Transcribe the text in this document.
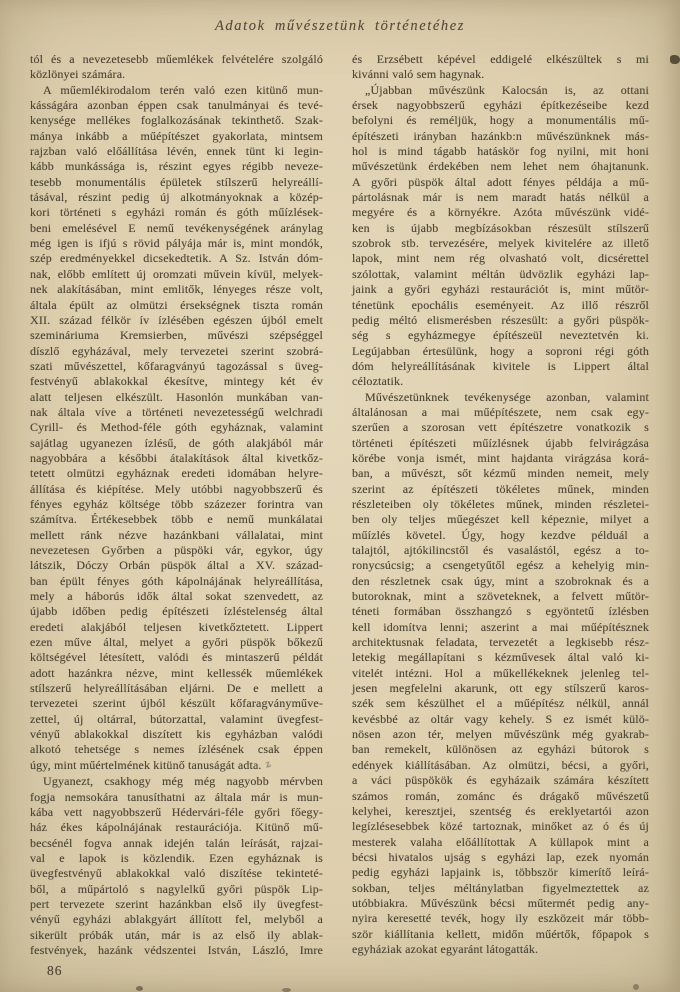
Adatok művészetünk történetéhez
tól és a nevezetesebb műemlékek felvételére szolgáló
közlönyei számára.
A műemlékirodalom terén való ezen kitünő mun-
kásságára azonban éppen csak tanulmányai és tevé-
kenysége mellékes foglalkozásának tekinthető. Szak-
mánya inkább a műépítészet gyakorlata, mintsem
rajzban való előállítása lévén, ennek tünt ki legin-
kább munkássága is, részint egyes régibb neveze-
tesebb monumentális épületek stílszerű helyreállí-
tásával, részint pedig új alkotmányoknak a közép-
kori történeti s egyházi román és góth műízlések-
beni emelésével E nemű tevékenységének aránylag
még igen is ifjú s rövid pályája már is, mint mondók,
szép eredményekkel dicsekedtetik. A Sz. István dóm-
nak, előbb említett új oromzati művein kívül, melyek-
nek alakításában, mint emlitők, lényeges része volt,
általa épült az olmützi érsekségnek tiszta román
XII. század félkör ív ízlésében egészen újból emelt
szemináriuma Kremsierben, művészi szépséggel
díszlő egyházával, mely tervezetei szerint szobrá-
szati művészettel, kőfaragványú tagozással s üveg-
festvényű ablakokkal ékesítve, mintegy két év
alatt teljesen elkészült. Hasonlón munkában van-
nak általa víve a történeti nevezetességű welchradi
Cyrill- és Method-féle góth egyháznak, valamint
sajátlag ugyanezen ízlésű, de góth alakjából már
nagyobbára a későbbi átalakítások által kivetkőz-
tetett olmützi egyháznak eredeti idomában helyre-
állítása és kiépítése. Mely utóbbi nagyobbszerű és
fényes egyház költsége több százezer forintra van
számítva. Értékesebbek több e nemű munkálatai
mellett ránk nézve hazánkbani vállalatai, mint
nevezetesen Győrben a püspöki vár, egykor, úgy
látszik, Dóczy Orbán püspök által a XV. század-
ban épült fényes góth kápolnájának helyreállítása,
mely a háborús idők által sokat szenvedett, az
újabb időben pedig építészeti ízléstelenség által
eredeti alakjából teljesen kivetkőztetett. Lippert
ezen műve által, melyet a győri püspök bőkezű
költségével létesített, valódi és mintaszerű példát
adott hazánkra nézve, mint kellessék műemlékek
stílszerű helyreállításában eljárni. De e mellett a
tervezetei szerint újból készült kőfaragványműve-
zettel, új oltárral, bútorzattal, valamint üvegfest-
vényű ablakokkal diszített kis egyházban valódi
alkotó tehetsége s nemes ízlésének csak éppen
úgy, mint műértelmének kitünő tanuságát adta. ʑ
Ugyanezt, csakhogy még még nagyobb mérvben
fogja nemsokára tanusíthatni az általa már is mun-
kába vett nagyobbszerű Hédervári-féle győri főegy-
ház ékes kápolnájának restaurációja. Kitünő mű-
becsénél fogva annak idején talán leírását, rajzai-
val e lapok is közlendik. Ezen egyháznak is
üvegfestvényű ablakokkal való diszítése tekinteté-
ből, a műpártoló s nagylelkű győri püspök Lip-
pert tervezete szerint hazánkban első ily üvegfest-
vényű egyházi ablakgyárt állított fel, melyből a
sikerült próbák után, már is az első ily ablak-
festvények, hazánk védszentei István, László, Imre
és Erzsébett képével eddigelé elkészültek s mi
kivánni való sem hagynak.
„Újabban művészünk Kalocsán is, az ottani
érsek nagyobbszerű egyházi építkezéseibe kezd
befolyni és reméljük, hogy a monumentális mű-
építészeti irányban hazánkb:n művészünknek más-
hol is mind tágabb hatáskör fog nyilni, mit honi
művészetünk érdekében nem lehet nem óhajtanunk.
A győri püspök által adott fényes példája a mű-
pártolásnak már is nem maradt hatás nélkül a
megyére és a környékre. Azóta művészünk vidé-
ken is újabb megbízásokban részesült stílszerű
szobrok stb. tervezésére, melyek kivitelére az illető
lapok, mint nem rég olvasható volt, dicsérettel
szólottak, valamint méltán üdvözlik egyházi lap-
jaink a győri egyházi restaurációt is, mint műtör-
ténetünk epochális eseményeit. Az illő részről
pedig méltó elismerésben részesült: a győri püspök-
ség s egyházmegye építészeül neveztetvén ki.
Legújabban értesülünk, hogy a soproni régi góth
dóm helyreállításának kivitele is Lippert által
céloztatik.
Művészetünknek tevékenysége azonban, valamint
általánosan a mai műépítészete, nem csak egy-
szerűen a szorosan vett építészetre vonatkozik s
történeti építészeti műízlésnek újabb felvirágzása
körébe vonja ismét, mint hajdanta virágzása korá-
ban, a művészt, sőt kézmű minden nemeit, mely
szerint az építészeti tökéletes műnek, minden
részleteiben oly tökéletes műnek, minden részletei-
ben oly teljes műegészet kell képeznie, milyet a
műízlés követel. Úgy, hogy kezdve példuál a
talajtól, ajtókilincstől és vasalástól, egész a to-
ronycsúcsig; a csengetyűtől egész a kehelyig min-
den részletnek csak úgy, mint a szobroknak és a
butoroknak, mint a szöveteknek, a felvett műtör-
téneti formában összhangzó s egyöntetű ízlésben
kell idomítva lenni; aszerint a mai műépítésznek
architektusnak feladata, tervezetét a legkisebb rész-
letekig megállapítani s kézművesek által való ki-
vitelét intézni. Hol a műkellékeknek jelenleg tel-
jesen megfelelni akarunk, ott egy stílszerű karos-
szék sem készülhet el a műépítész nélkül, annál
kevésbbé az oltár vagy kehely. S ez ismét külö-
nösen azon tér, melyen művészünk még gyakrab-
ban remekelt, különösen az egyházi bútorok s
edények kiállításában. Az olmützi, bécsi, a győri,
a váci püspökök és egyházaik számára készített
számos román, zománc és drágakő művészetű
kelyhei, keresztjei, szentség és ereklyetartói azon
legízlésesebbek közé tartoznak, minőket az ó és új
mesterek valaha előállítottak A küllapok mint a
bécsi hivatalos ujság s egyházi lap, ezek nyomán
pedig egyházi lapjaink is, többször kimerítő leírá-
sokban, teljes méltánylatban figyelmeztettek az
utóbbiakra. Művészünk bécsi műtermét pedig any-
nyira keresetté tevék, hogy ily eszközeit már több-
ször kiállítania kellett, midőn műértők, főpapok s
egyháziak azokat egyaránt látogatták.
86
